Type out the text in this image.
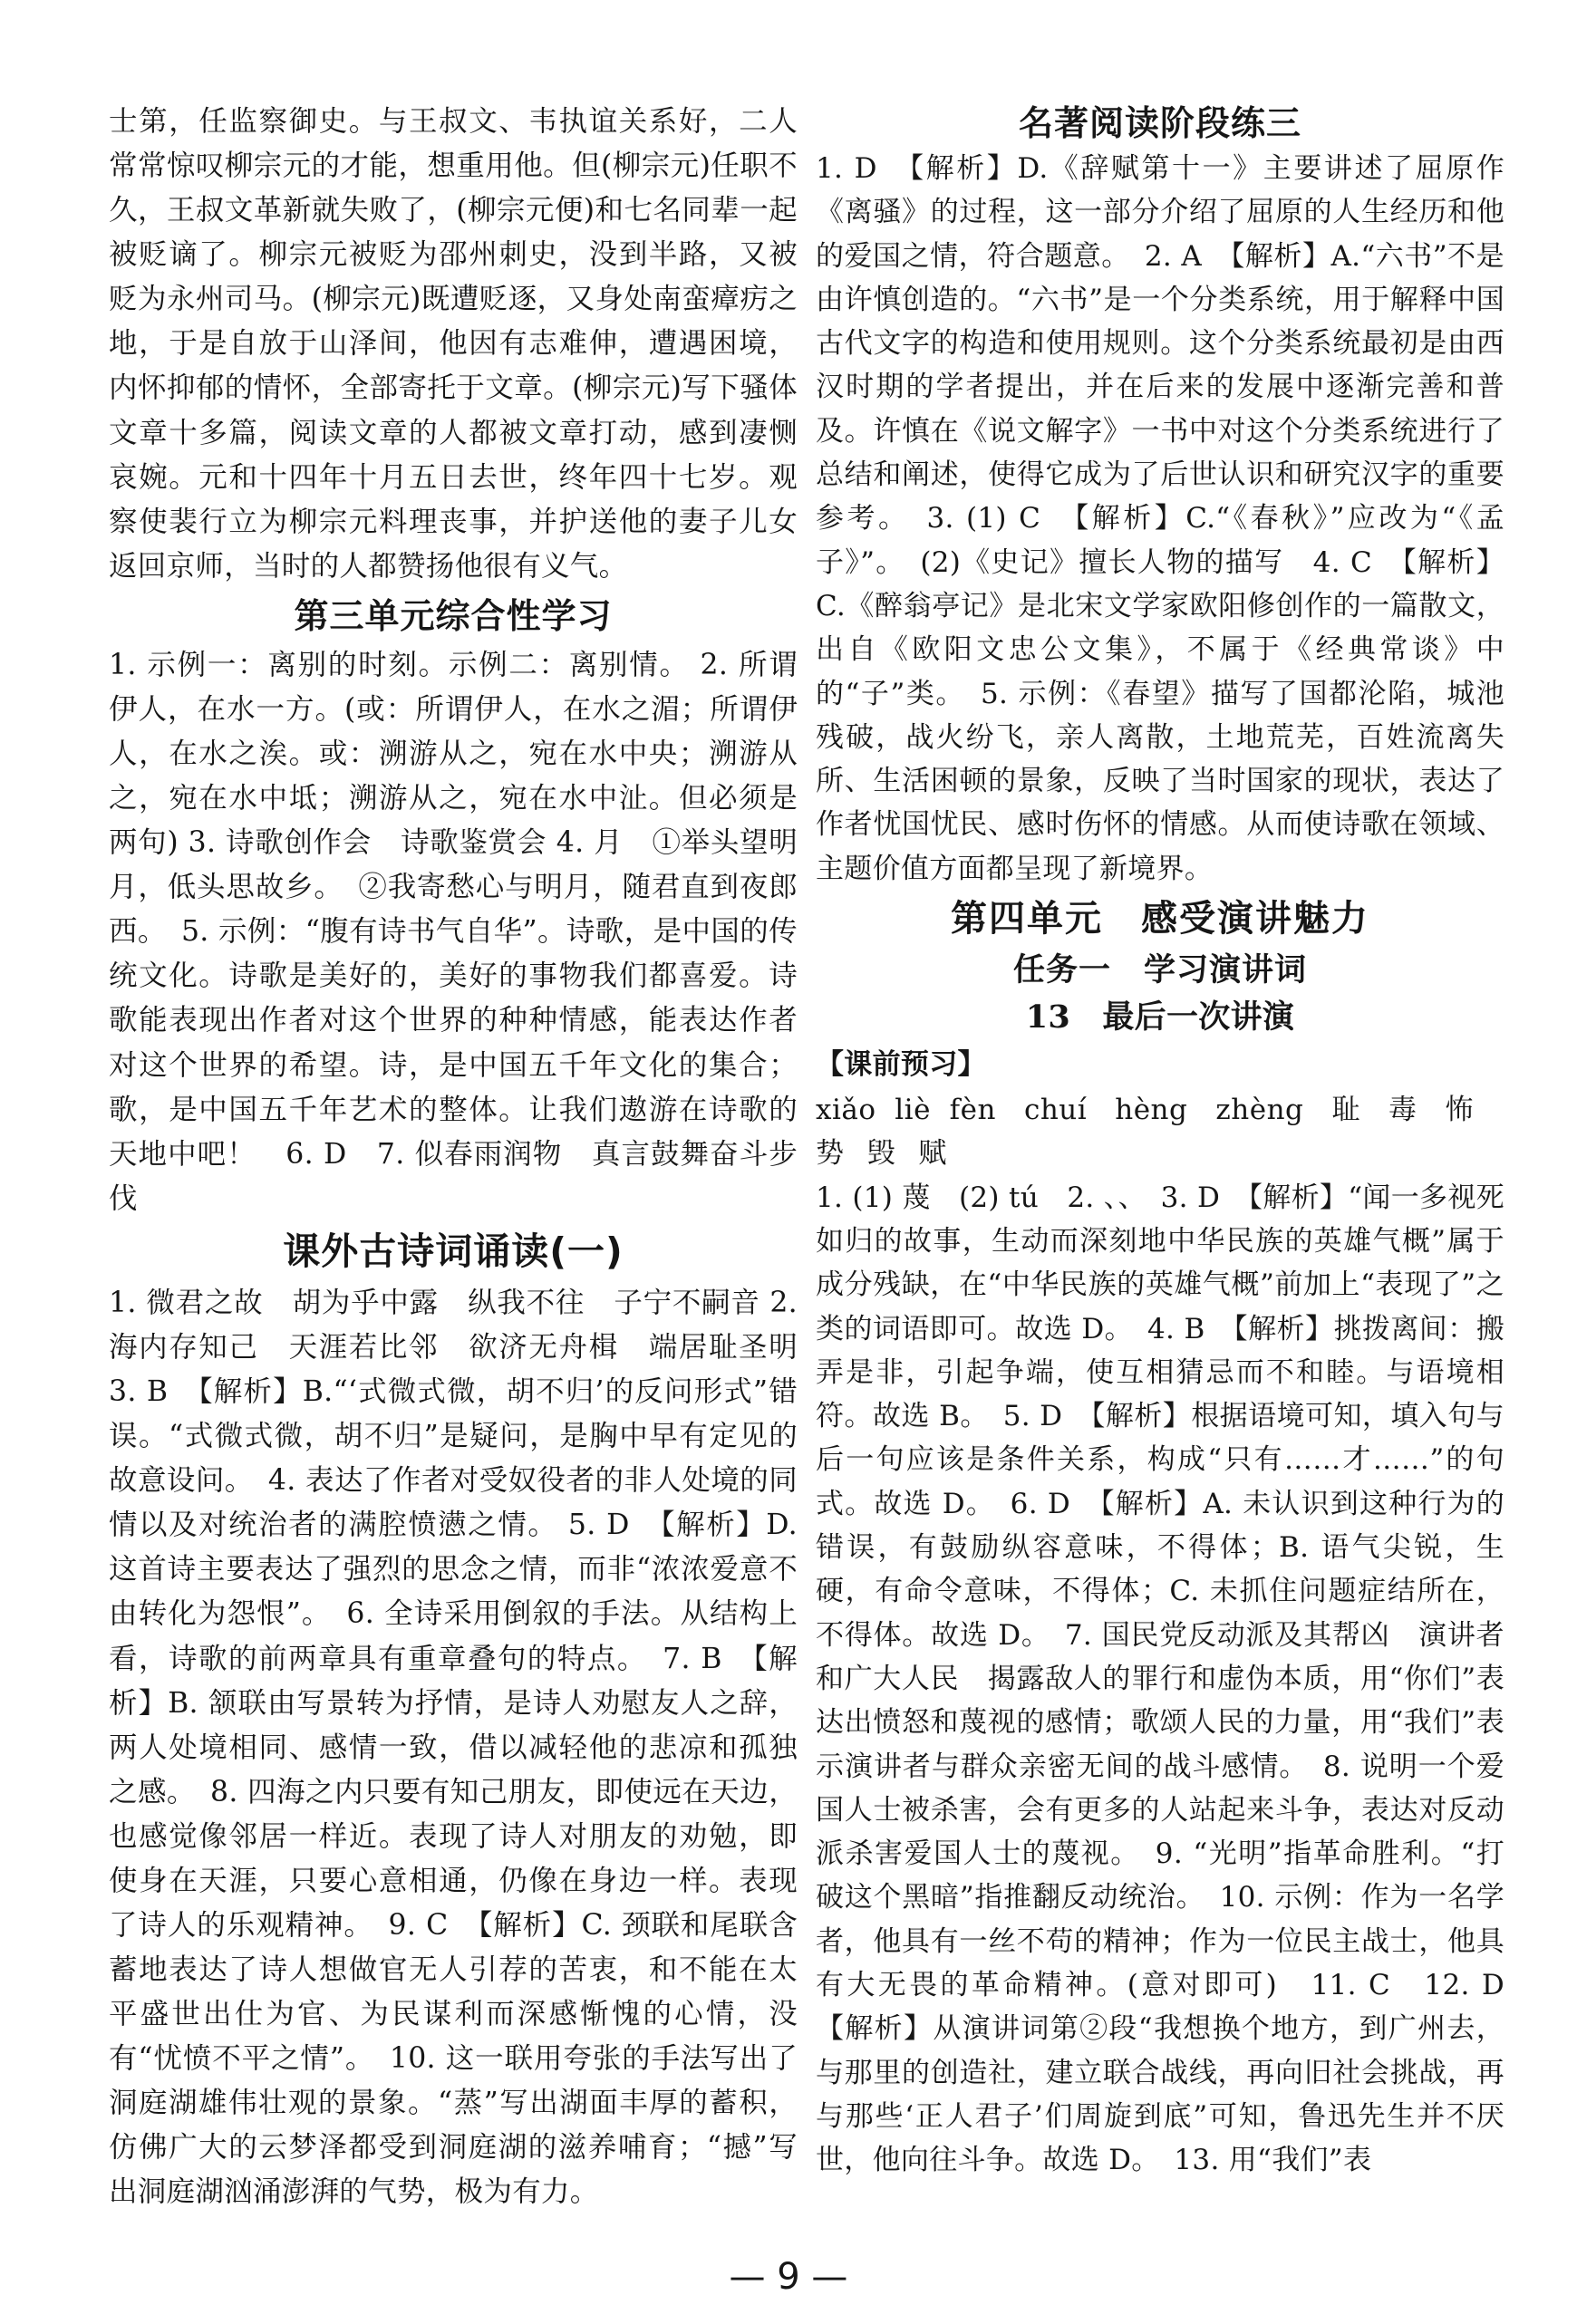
士第，任监察御史。与王叔文、韦执谊关系好，二人常常惊叹柳宗元的才能，想重用他。但(柳宗元)任职不久，王叔文革新就失败了，(柳宗元便)和七名同辈一起被贬谪了。柳宗元被贬为邵州刺史，没到半路，又被贬为永州司马。(柳宗元)既遭贬逐，又身处南蛮瘴疠之地，于是自放于山泽间，他因有志难伸，遭遇困境，内怀抑郁的情怀，全部寄托于文章。(柳宗元)写下骚体文章十多篇，阅读文章的人都被文章打动，感到凄恻哀婉。元和十四年十月五日去世，终年四十七岁。观察使裴行立为柳宗元料理丧事，并护送他的妻子儿女返回京师，当时的人都赞扬他很有义气。

第三单元综合性学习

1. 示例一：离别的时刻。示例二：离别情。 2. 所谓伊人，在水一方。(或：所谓伊人，在水之湄；所谓伊人，在水之涘。或：溯游从之，宛在水中央；溯游从之，宛在水中坻；溯游从之，宛在水中沚。但必须是两句) 3. 诗歌创作会　诗歌鉴赏会 4. 月　①举头望明月，低头思故乡。　②我寄愁心与明月，随君直到夜郎西。　5. 示例：“腹有诗书气自华”。诗歌，是中国的传统文化。诗歌是美好的，美好的事物我们都喜爱。诗歌能表现出作者对这个世界的种种情感，能表达作者对这个世界的希望。诗，是中国五千年文化的集合；歌，是中国五千年艺术的整体。让我们遨游在诗歌的天地中吧！　6. D　7. 似春雨润物　真言鼓舞奋斗步伐

课外古诗词诵读(一)

1. 微君之故　胡为乎中露　纵我不往　子宁不嗣音 2. 海内存知己　天涯若比邻　欲济无舟楫　端居耻圣明　3. B　【解析】B.“‘式微式微，胡不归’的反问形式”错误。“式微式微，胡不归”是疑问，是胸中早有定见的故意设问。　4. 表达了作者对受奴役者的非人处境的同情以及对统治者的满腔愤懑之情。 5. D　【解析】D. 这首诗主要表达了强烈的思念之情，而非“浓浓爱意不由转化为怨恨”。　6. 全诗采用倒叙的手法。从结构上看，诗歌的前两章具有重章叠句的特点。　7. B　【解析】B. 颔联由写景转为抒情，是诗人劝慰友人之辞，两人处境相同、感情一致，借以减轻他的悲凉和孤独之感。　8. 四海之内只要有知己朋友，即使远在天边，也感觉像邻居一样近。表现了诗人对朋友的劝勉，即使身在天涯，只要心意相通，仍像在身边一样。表现了诗人的乐观精神。　9. C　【解析】C. 颈联和尾联含蓄地表达了诗人想做官无人引荐的苦衷，和不能在太平盛世出仕为官、为民谋利而深感惭愧的心情，没有“忧愤不平之情”。　10. 这一联用夸张的手法写出了洞庭湖雄伟壮观的景象。“蒸”写出湖面丰厚的蓄积，仿佛广大的云梦泽都受到洞庭湖的滋养哺育；“撼”写出洞庭湖汹涌澎湃的气势，极为有力。

名著阅读阶段练三

1. D　【解析】D.《辞赋第十一》主要讲述了屈原作《离骚》的过程，这一部分介绍了屈原的人生经历和他的爱国之情，符合题意。　2. A　【解析】A.“六书”不是由许慎创造的。“六书”是一个分类系统，用于解释中国古代文字的构造和使用规则。这个分类系统最初是由西汉时期的学者提出，并在后来的发展中逐渐完善和普及。许慎在《说文解字》一书中对这个分类系统进行了总结和阐述，使得它成为了后世认识和研究汉字的重要参考。　3. (1) C　【解析】C.“《春秋》”应改为“《孟子》”。　(2)《史记》擅长人物的描写　4. C　【解析】C.《醉翁亭记》是北宋文学家欧阳修创作的一篇散文，出自《欧阳文忠公文集》，不属于《经典常谈》中的“子”类。　5. 示例：《春望》描写了国都沦陷，城池残破，战火纷飞，亲人离散，土地荒芜，百姓流离失所、生活困顿的景象，反映了当时国家的现状，表达了作者忧国忧民、感时伤怀的情感。从而使诗歌在领域、主题价值方面都呈现了新境界。

第四单元　感受演讲魅力
任务一　学习演讲词
13　最后一次讲演
【课前预习】

xiǎo  liè  fèn   chuí   hèng   zhèng   耻   毒   怖

势  毁  赋

1. (1) 蔑　(2) tú　2. 、、　3. D　【解析】“闻一多视死如归的故事，生动而深刻地中华民族的英雄气概”属于成分残缺，在“中华民族的英雄气概”前加上“表现了”之类的词语即可。故选 D。　4. B　【解析】挑拨离间：搬弄是非，引起争端，使互相猜忌而不和睦。与语境相符。故选 B。　5. D　【解析】根据语境可知，填入句与后一句应该是条件关系，构成“只有……才……”的句式。故选 D。　6. D　【解析】A. 未认识到这种行为的错误，有鼓励纵容意味，不得体；B. 语气尖锐，生硬，有命令意味，不得体；C. 未抓住问题症结所在，不得体。故选 D。　7. 国民党反动派及其帮凶　演讲者和广大人民　揭露敌人的罪行和虚伪本质，用“你们”表达出愤怒和蔑视的感情；歌颂人民的力量，用“我们”表示演讲者与群众亲密无间的战斗感情。　8. 说明一个爱国人士被杀害，会有更多的人站起来斗争，表达对反动派杀害爱国人士的蔑视。　9. “光明”指革命胜利。“打破这个黑暗”指推翻反动统治。　10. 示例：作为一名学者，他具有一丝不苟的精神；作为一位民主战士，他具有大无畏的革命精神。(意对即可)　11. C　12. D 【解析】从演讲词第②段“我想换个地方，到广州去，与那里的创造社，建立联合战线，再向旧社会挑战，再与那些‘正人君子’们周旋到底”可知，鲁迅先生并不厌世，他向往斗争。故选 D。　13. 用“我们”表

— 9 —
